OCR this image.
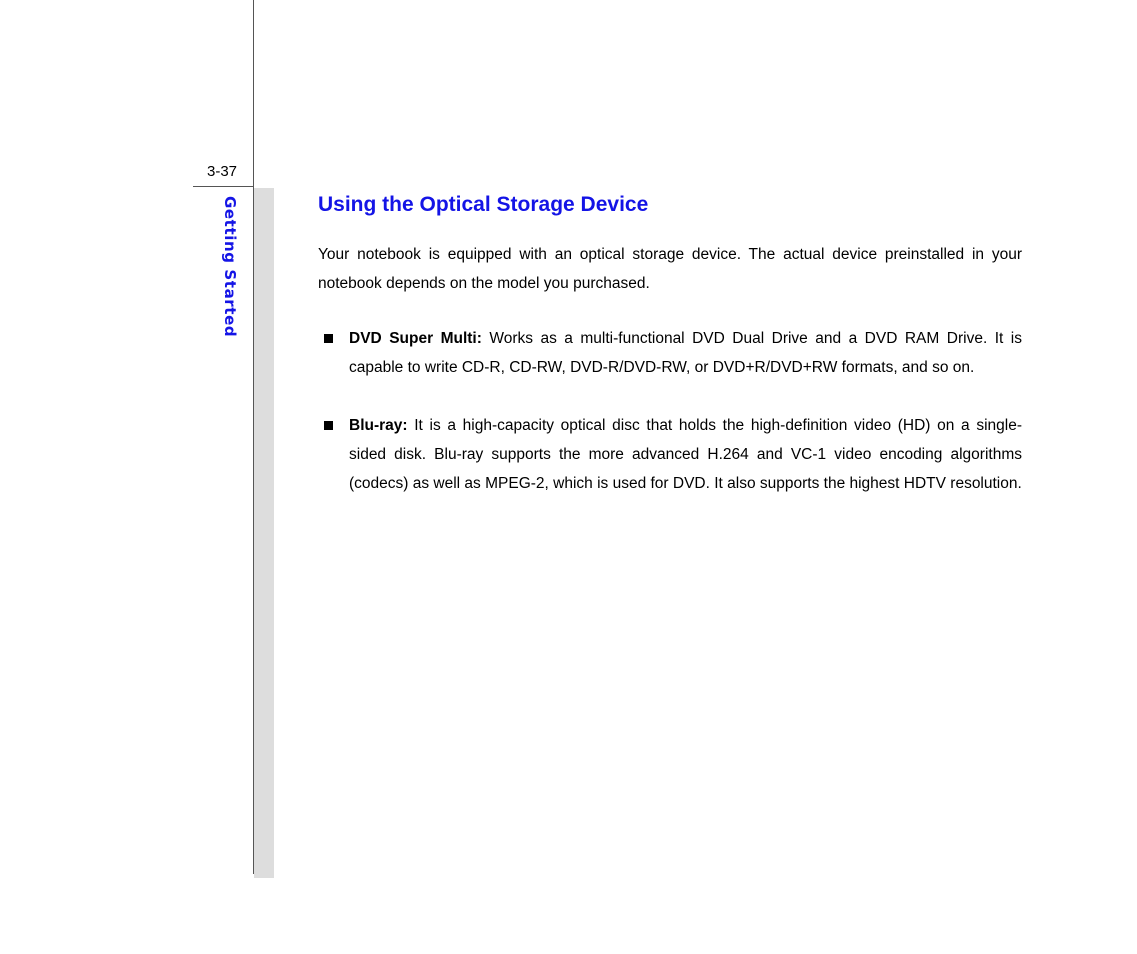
3-37
Getting Started	Using the Optical Storage Device

Your notebook is equipped with an optical storage device. The actual device preinstalled in your notebook depends on the model you purchased.

DVD Super Multi: Works as a multi-functional DVD Dual Drive and a DVD RAM Drive. It is capable to write CD-R, CD-RW, DVD-R/DVD-RW, or DVD+R/DVD+RW formats, and so on.
Blu-ray: It is a high-capacity optical disc that holds the high-definition video (HD) on a single-sided disk. Blu-ray supports the more advanced H.264 and VC-1 video encoding algorithms (codecs) as well as MPEG-2, which is used for DVD. It also supports the highest HDTV resolution.
